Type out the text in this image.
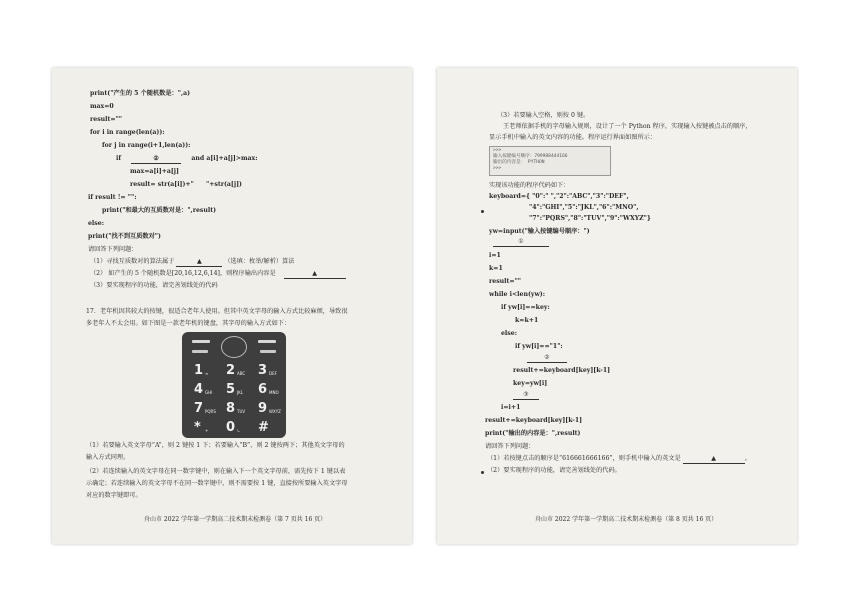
print("产生的 5 个随机数是：",a)
max=0
result=""
for i in range(len(a)):
for j in range(i+1,len(a)):
if	②	and a[i]+a[j]>max:
max=a[i]+a[j]
result= str(a[i])+" "+str(a[j])
if result != "":
print("和最大的互质数对是：",result)
else:
print("找不到互质数对")
请回答下列问题：
（1）寻找互质数对的算法属于	▲	（选填：枚举/解析）算法
（2） 如产生的 5 个随机数是[20,16,12,6,14]，则程序输出内容是	▲
（3）要实现程序的功能，请完善划线处的代码
17．老年机因其较大的按键，很适合老年人使用。但其中英文字母的输入方式比较麻烦，导致很
多老年人不太会用。如下图是一款老年机的键盘，其字母的输入方式如下：
1 ∞ 2 ABC 3 DEF
4 GHI 5 JKL 6 MNO
7 PQRS 8 TUV 9 WXYZ
* + 0 ∟ #
（1）若要输入英文字母“A”，则 2 键按 1 下；若要输入“B”，则 2 键按两下；其他英文字母的
输入方式同理。
（2）若连续输入的英文字母在同一数字键中，则在输入下一个英文字母前，需先按下 1 键以表
示确定；若连续输入的英文字母不在同一数字键中，则不需要按 1 键，直接按所要输入英文字母
对应的数字键即可。
舟山市 2022 学年第一学期高二技术期末检测卷（第 7 页共 16 页）
（3）若要输入空格，则按 0 键。
王老师依据手机的字母输入规则，设计了一个 Python 程序，实现输入按键被点击的顺序，
显示手机中输入的英文内容的功能。程序运行界面如图所示：
>>>
输入按键编号顺序：799988444166
输出的内容是： PYTHON
>>>
实现该功能的程序代码如下：
keyboard={ "0":" ","2":"ABC","3":"DEF",
"4":"GHI","5":"JKL","6":"MNO",
"7":"PQRS","8":"TUV","9":"WXYZ"}
yw=input("输入按键编号顺序：")
①
i=1
k=1
result=""
while i<len(yw):
if yw[i]==key:
k=k+1
else:
if yw[i]=="1":
②
result+=keyboard[key][k-1]
key=yw[i]
③
i=i+1
result+=keyboard[key][k-1]
print("输出的内容是：",result)
请回答下列问题：
（1）若按键点击的顺序是“616661666166”，则手机中输入的英文是	▲	。
（2）要实现程序的功能，请完善划线处的代码。
舟山市 2022 学年第一学期高二技术期末检测卷（第 8 页共 16 页）
